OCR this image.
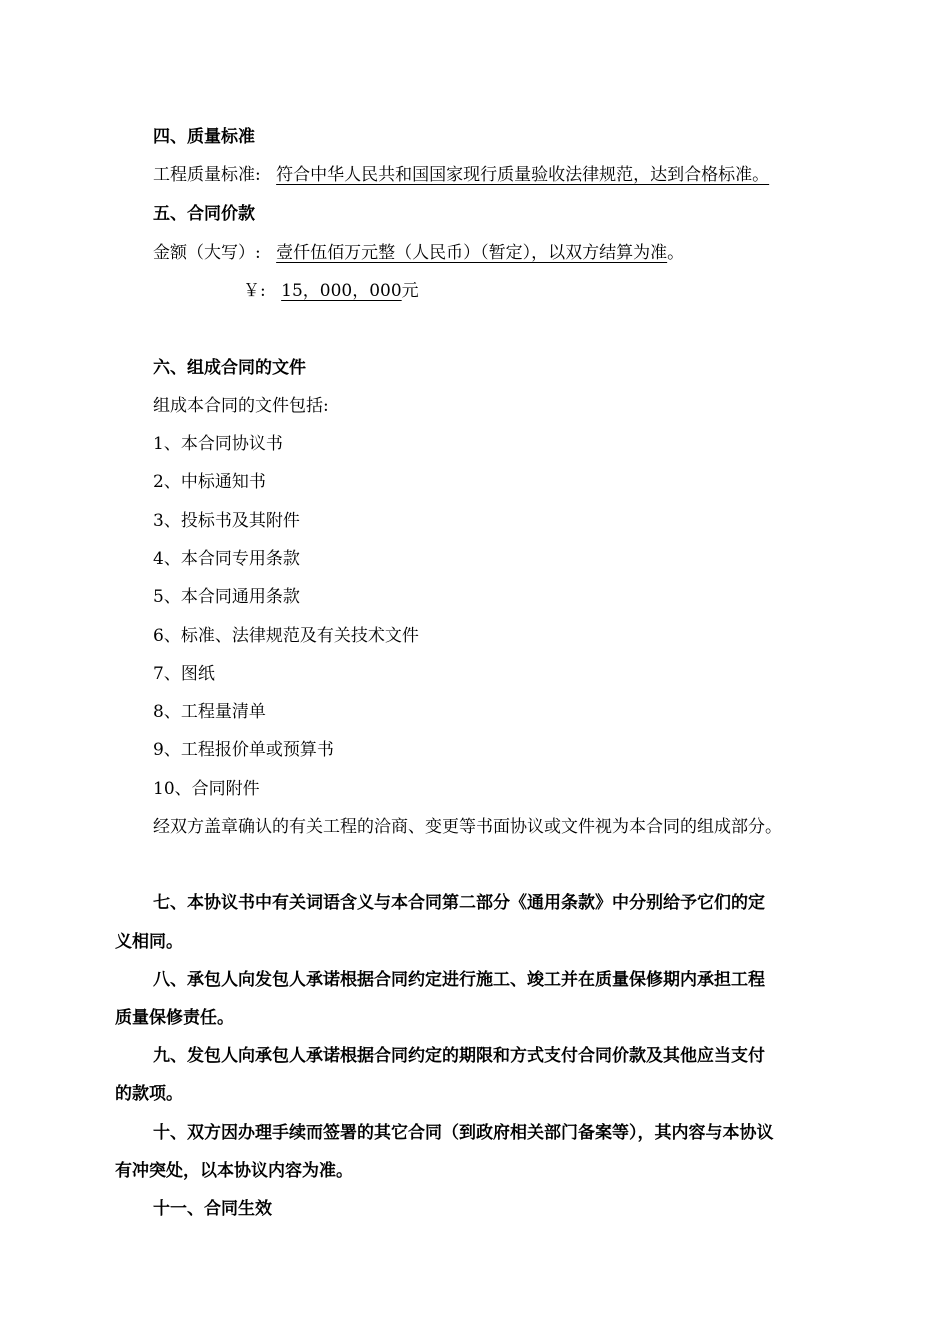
四、质量标准
工程质量标准: 符合中华人民共和国国家现行质量验收法律规范，达到合格标准。
五、合同价款
金额（大写）: 壹仟伍佰万元整（人民币）（暂定），以双方结算为准。
￥: 15，000，000元
六、组成合同的文件
组成本合同的文件包括:
1、本合同协议书
2、中标通知书
3、投标书及其附件
4、本合同专用条款
5、本合同通用条款
6、标准、法律规范及有关技术文件
7、图纸
8、工程量清单
9、工程报价单或预算书
10、合同附件
经双方盖章确认的有关工程的洽商、变更等书面协议或文件视为本合同的组成部分。
七、本协议书中有关词语含义与本合同第二部分《通用条款》中分别给予它们的定
义相同。
八、承包人向发包人承诺根据合同约定进行施工、竣工并在质量保修期内承担工程
质量保修责任。
九、发包人向承包人承诺根据合同约定的期限和方式支付合同价款及其他应当支付
的款项。
十、双方因办理手续而签署的其它合同（到政府相关部门备案等），其内容与本协议
有冲突处，以本协议内容为准。
十一、合同生效
